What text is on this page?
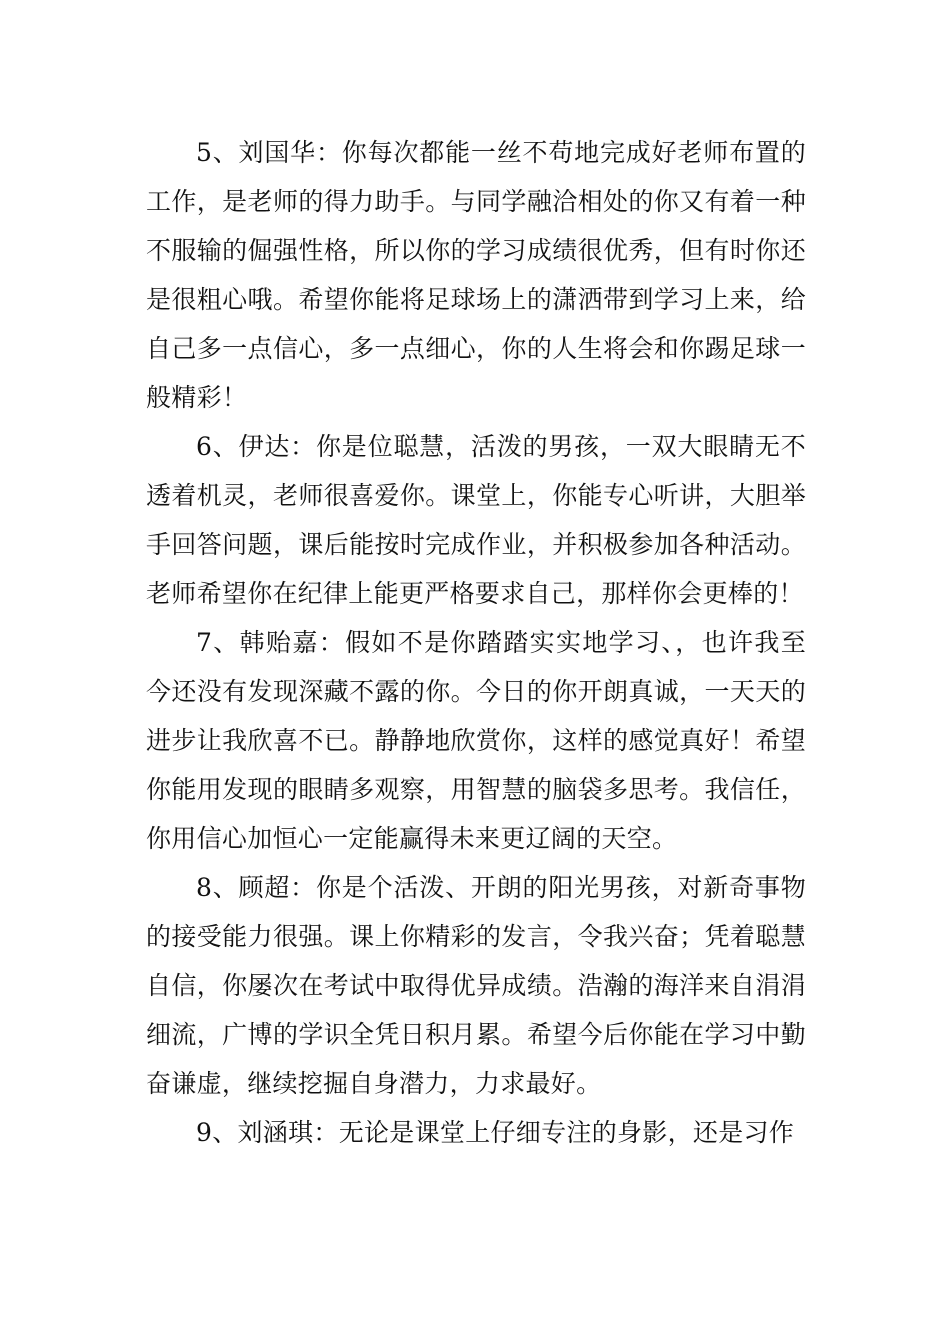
5、刘国华：你每次都能一丝不苟地完成好老师布置的工作，是老师的得力助手。与同学融洽相处的你又有着一种不服输的倔强性格，所以你的学习成绩很优秀，但有时你还是很粗心哦。希望你能将足球场上的潇洒带到学习上来，给自己多一点信心，多一点细心，你的人生将会和你踢足球一般精彩！

6、伊达：你是位聪慧，活泼的男孩，一双大眼睛无不透着机灵，老师很喜爱你。课堂上，你能专心听讲，大胆举手回答问题，课后能按时完成作业，并积极参加各种活动。老师希望你在纪律上能更严格要求自己，那样你会更棒的！

7、韩贻嘉：假如不是你踏踏实实地学习、，也许我至今还没有发现深藏不露的你。今日的你开朗真诚，一天天的进步让我欣喜不已。静静地欣赏你，这样的感觉真好！希望你能用发现的眼睛多观察，用智慧的脑袋多思考。我信任，你用信心加恒心一定能赢得未来更辽阔的天空。

8、顾超：你是个活泼、开朗的阳光男孩，对新奇事物的接受能力很强。课上你精彩的发言，令我兴奋；凭着聪慧自信，你屡次在考试中取得优异成绩。浩瀚的海洋来自涓涓细流，广博的学识全凭日积月累。希望今后你能在学习中勤奋谦虚，继续挖掘自身潜力，力求最好。

9、刘涵琪：无论是课堂上仔细专注的身影，还是习作
